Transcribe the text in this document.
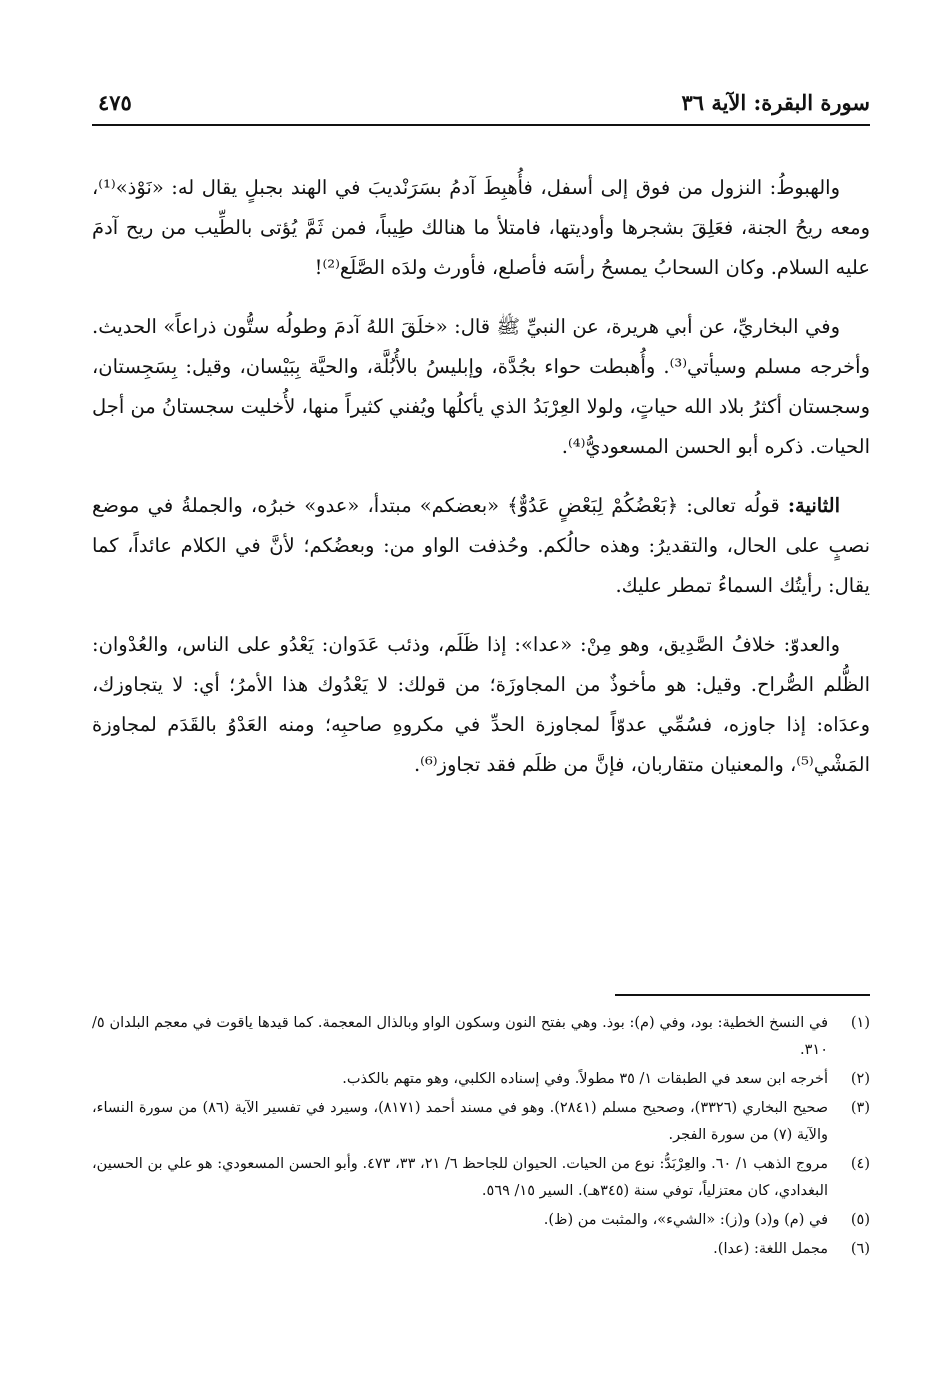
سورة البقرة: الآية ٣٦
٤٧٥

والهبوطُ: النزول من فوق إلى أسفل، فأُهبِطَ آدمُ بسَرَنْديبَ في الهند بجبلٍ يقال له: «نَوْذ»⁽¹⁾، ومعه ريحُ الجنة، فعَلِقَ بشجرها وأوديتها، فامتلأ ما هنالك طِيباً، فمن ثَمَّ يُؤتى بالطِّيب من ريح آدمَ عليه السلام. وكان السحابُ يمسحُ رأسَه فأصلع، فأورث ولدَه الصَّلَع⁽²⁾!

وفي البخاريِّ، عن أبي هريرة، عن النبيِّ ﷺ قال: «خلَقَ اللهُ آدمَ وطولُه ستُّون ذراعاً» الحديث. وأخرجه مسلم وسيأتي⁽³⁾. وأُهبطت حواء بجُدَّة، وإبليسُ بالأُبُلَّة، والحيَّة بِبَيْسان، وقيل: بِسَجِستان، وسجستان أكثرُ بلاد الله حياتٍ، ولولا العِرْبَدُ الذي يأكلُها ويُفني كثيراً منها، لأُخليت سجستانُ من أجل الحيات. ذكره أبو الحسن المسعوديُّ⁽⁴⁾.

الثانية: قولُه تعالى: ﴿بَعْضُكُمْ لِبَعْضٍ عَدُوٌّ﴾ «بعضكم» مبتدأ، «عدو» خبرُه، والجملةُ في موضع نصبٍ على الحال، والتقديرُ: وهذه حالُكم. وحُذفت الواو من: وبعضُكم؛ لأنَّ في الكلام عائداً، كما يقال: رأيتُك السماءُ تمطر عليك.

والعدوّ: خلافُ الصَّدِيق، وهو مِنْ: «عدا»: إذا ظَلَم، وذئب عَدَوان: يَعْدُو على الناس، والعُدْوان: الظُّلم الصُّراح. وقيل: هو مأخوذٌ من المجاوزَة؛ من قولك: لا يَعْدُوك هذا الأمرُ؛ أي: لا يتجاوزك، وعدَاه: إذا جاوزه، فسُمِّي عدوّاً لمجاوزة الحدِّ في مكروهِ صاحبِه؛ ومنه العَدْوُ بالقَدَم لمجاوزة المَشْي⁽⁵⁾، والمعنيان متقاربان، فإنَّ من ظلَم فقد تجاوز⁽⁶⁾.

(١)
في النسخ الخطية: بود، وفي (م): بوذ. وهي بفتح النون وسكون الواو وبالذال المعجمة. كما قيدها ياقوت في معجم البلدان ٥/ ٣١٠.
(٢)
أخرجه ابن سعد في الطبقات ١/ ٣٥ مطولاً. وفي إسناده الكلبي، وهو متهم بالكذب.
(٣)
صحيح البخاري (٣٣٢٦)، وصحيح مسلم (٢٨٤١). وهو في مسند أحمد (٨١٧١)، وسيرد في تفسير الآية (٨٦) من سورة النساء، والآية (٧) من سورة الفجر.
(٤)
مروج الذهب ١/ ٦٠. والعِرْبَدُّ: نوع من الحيات. الحيوان للجاحظ ٦/ ٢١، ٣٣، ٤٧٣. وأبو الحسن المسعودي: هو علي بن الحسين، البغدادي، كان معتزلياً، توفي سنة (٣٤٥هـ). السير ١٥/ ٥٦٩.
(٥)
في (م) و(د) و(ز): «الشيء»، والمثبت من (ظ).
(٦)
مجمل اللغة: (عدا).
